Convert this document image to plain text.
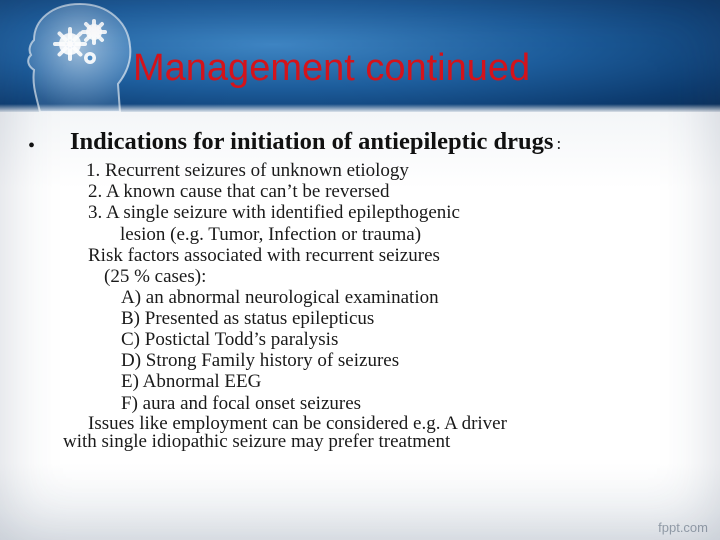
Management continued
• Indications for initiation of antiepileptic drugs :
1. Recurrent seizures of unknown etiology
2. A known cause that can’t be reversed
3. A single seizure with identified epilepthogenic
lesion (e.g. Tumor, Infection or trauma)
Risk factors associated with recurrent seizures
(25 % cases):
A) an abnormal neurological examination
B) Presented as status epilepticus
C) Postictal Todd’s paralysis
D) Strong Family history of seizures
E) Abnormal EEG
F) aura and focal onset seizures
Issues like employment can be considered e.g. A driver
with single idiopathic seizure may prefer treatment
fppt.com
